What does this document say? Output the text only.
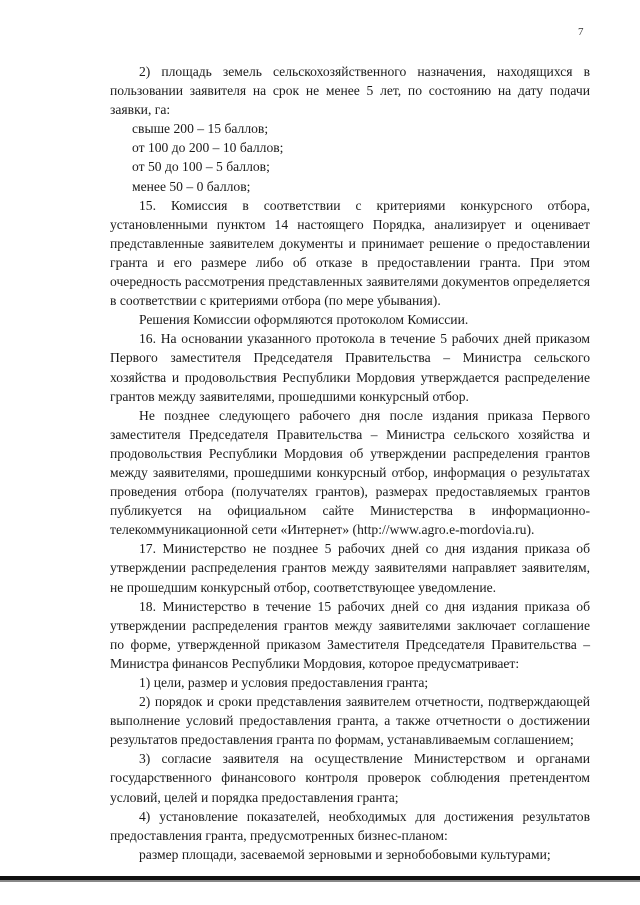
7

2) площадь земель сельскохозяйственного назначения, находящихся в пользовании заявителя на срок не менее 5 лет, по состоянию на дату подачи заявки, га:

свыше 200 – 15 баллов;

от 100 до 200 – 10 баллов;

от 50 до 100 – 5 баллов;

менее 50 – 0 баллов;

15. Комиссия в соответствии с критериями конкурсного отбора, установленными пунктом 14 настоящего Порядка, анализирует и оценивает представленные заявителем документы и принимает решение о предоставлении гранта и его размере либо об отказе в предоставлении гранта. При этом очередность рассмотрения представленных заявителями документов определяется в соответствии с критериями отбора (по мере убывания).

Решения Комиссии оформляются протоколом Комиссии.

16. На основании указанного протокола в течение 5 рабочих дней приказом Первого заместителя Председателя Правительства – Министра сельского хозяйства и продовольствия Республики Мордовия утверждается распределение грантов между заявителями, прошедшими конкурсный отбор.

Не позднее следующего рабочего дня после издания приказа Первого заместителя Председателя Правительства – Министра сельского хозяйства и продовольствия Республики Мордовия об утверждении распределения грантов между заявителями, прошедшими конкурсный отбор, информация о результатах проведения отбора (получателях грантов), размерах предоставляемых грантов публикуется на официальном сайте Министерства в информационно-телекоммуникационной сети «Интернет» (http://www.agro.e-mordovia.ru).

17. Министерство не позднее 5 рабочих дней со дня издания приказа об утверждении распределения грантов между заявителями направляет заявителям, не прошедшим конкурсный отбор, соответствующее уведомление.

18. Министерство в течение 15 рабочих дней со дня издания приказа об утверждении распределения грантов между заявителями заключает соглашение по форме, утвержденной приказом Заместителя Председателя Правительства – Министра финансов Республики Мордовия, которое предусматривает:

1) цели, размер и условия предоставления гранта;

2) порядок и сроки представления заявителем отчетности, подтверждающей выполнение условий предоставления гранта, а также отчетности о достижении результатов предоставления гранта по формам, устанавливаемым соглашением;

3) согласие заявителя на осуществление Министерством и органами государственного финансового контроля проверок соблюдения претендентом условий, целей и порядка предоставления гранта;

4) установление показателей, необходимых для достижения результатов предоставления гранта, предусмотренных бизнес-планом:

размер площади, засеваемой зерновыми и зернобобовыми культурами;
